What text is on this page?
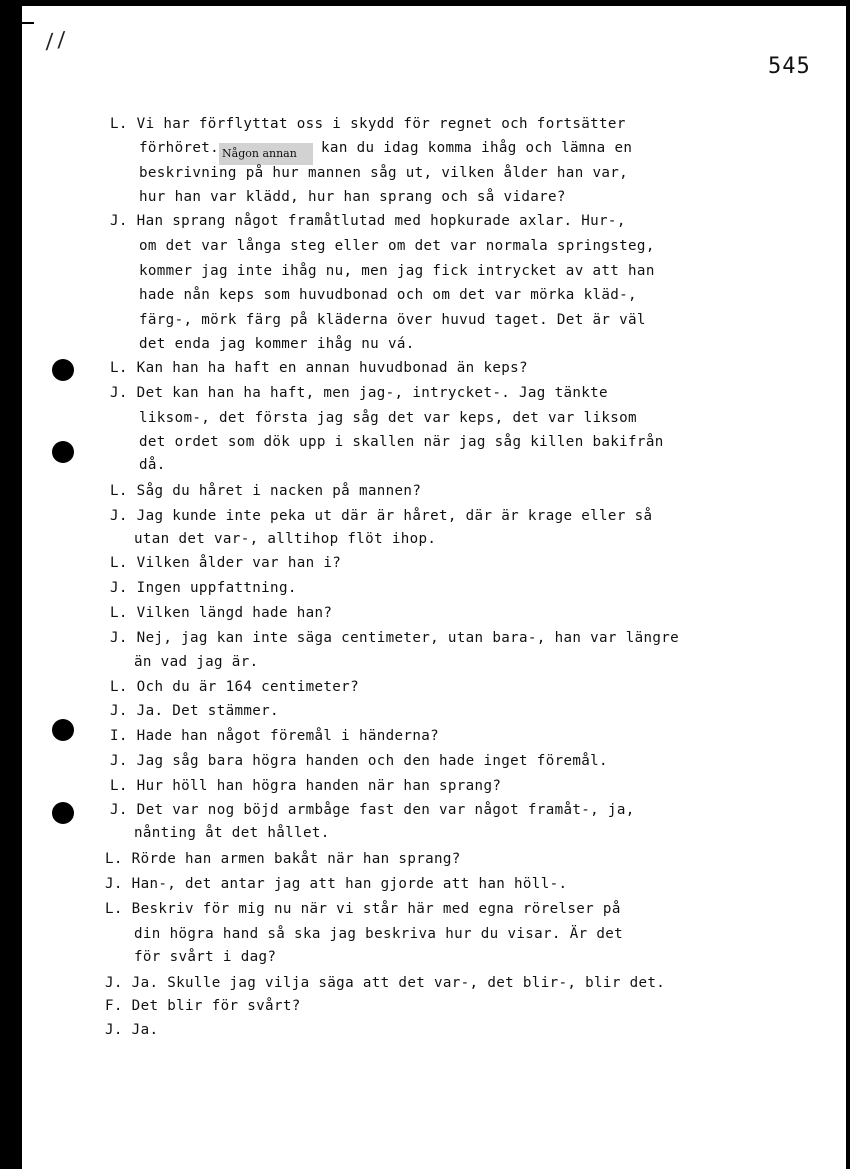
//
545
L. Vi har förflyttat oss i skydd för regnet och fortsätter
förhöret. Någon annan kan du idag komma ihåg och lämna en
beskrivning på hur mannen såg ut, vilken ålder han var,
hur han var klädd, hur han sprang och så vidare?
J. Han sprang något framåtlutad med hopkurade axlar. Hur-,
om det var långa steg eller om det var normala springsteg,
kommer jag inte ihåg nu, men jag fick intrycket av att han
hade nån keps som huvudbonad och om det var mörka kläd-,
färg-, mörk färg på kläderna över huvud taget. Det är väl
det enda jag kommer ihåg nu vá.
L. Kan han ha haft en annan huvudbonad än keps?
J. Det kan han ha haft, men jag-, intrycket-. Jag tänkte
liksom-, det första jag såg det var keps, det var liksom
det ordet som dök upp i skallen när jag såg killen bakifrån
då.
L. Såg du håret i nacken på mannen?
J. Jag kunde inte peka ut där är håret, där är krage eller så
utan det var-, alltihop flöt ihop.
L. Vilken ålder var han i?
J. Ingen uppfattning.
L. Vilken längd hade han?
J. Nej, jag kan inte säga centimeter, utan bara-, han var längre
än vad jag är.
L. Och du är 164 centimeter?
J. Ja. Det stämmer.
I. Hade han något föremål i händerna?
J. Jag såg bara högra handen och den hade inget föremål.
L. Hur höll han högra handen när han sprang?
J. Det var nog böjd armbåge fast den var något framåt-, ja,
nånting åt det hållet.
L. Rörde han armen bakåt när han sprang?
J. Han-, det antar jag att han gjorde att han höll-.
L. Beskriv för mig nu när vi står här med egna rörelser på
din högra hand så ska jag beskriva hur du visar. Är det
för svårt i dag?
J. Ja. Skulle jag vilja säga att det var-, det blir-, blir det.
F. Det blir för svårt?
J. Ja.
